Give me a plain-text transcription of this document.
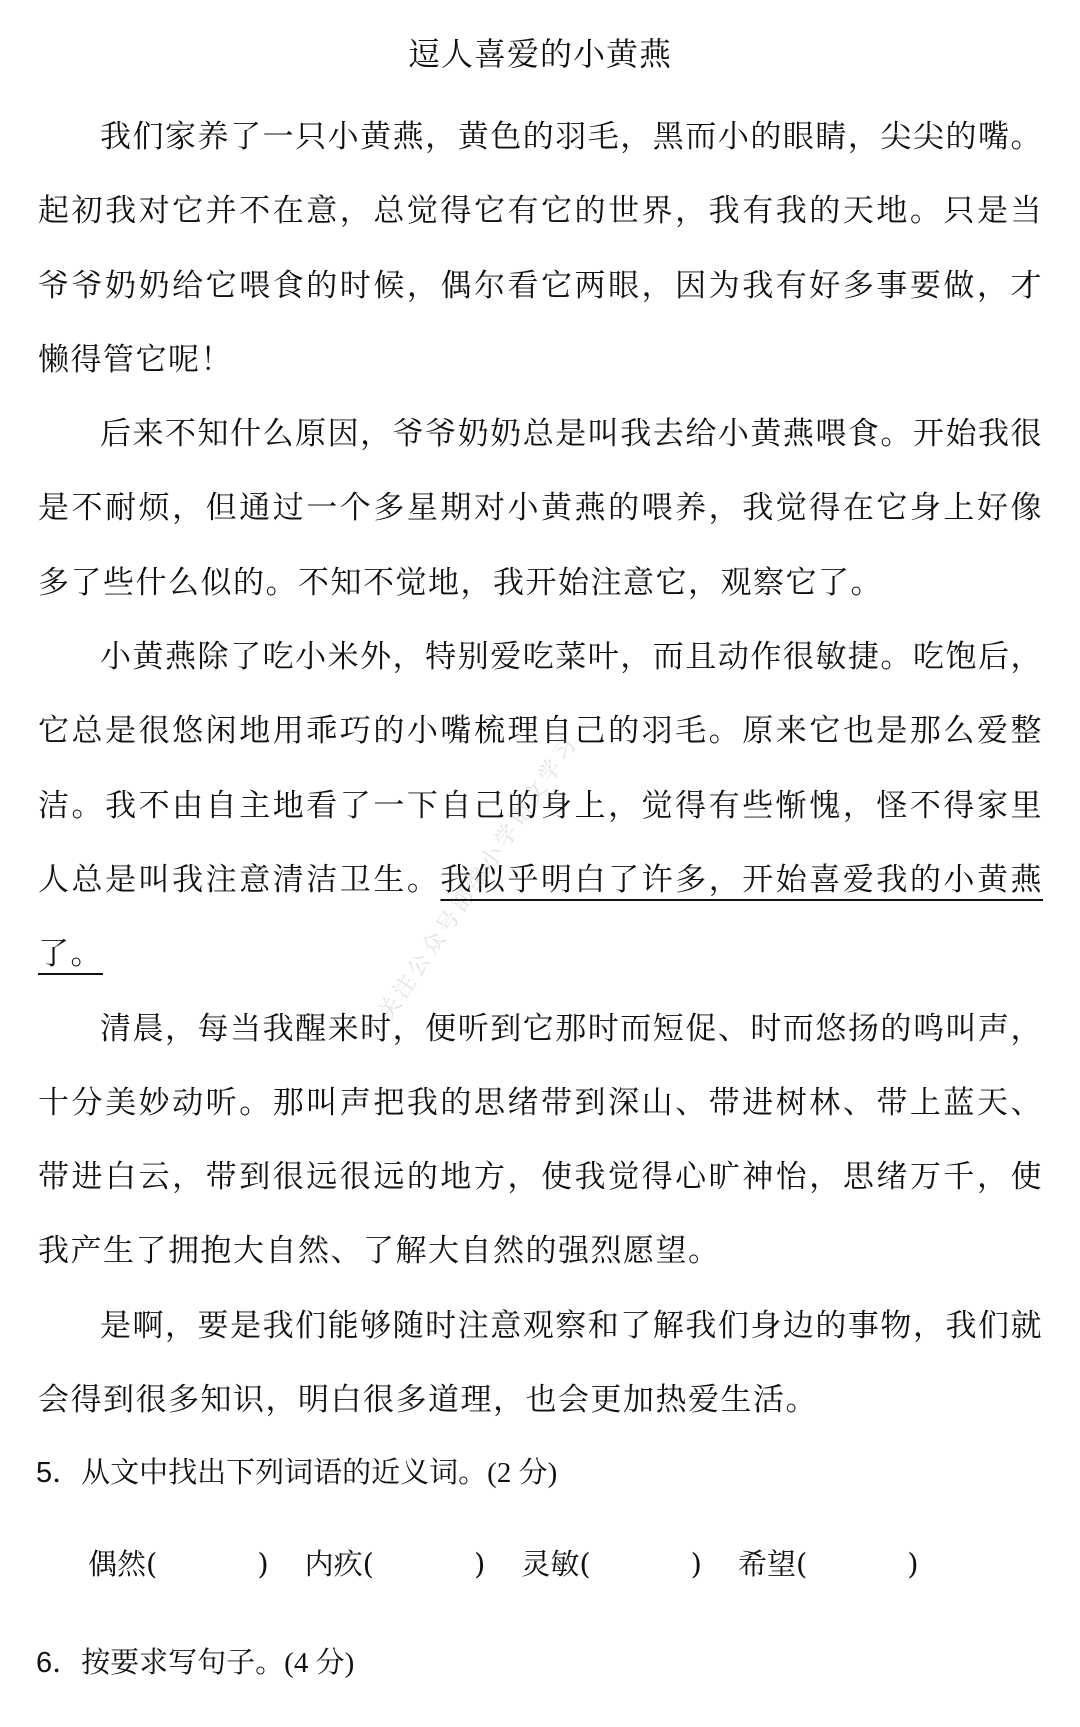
逗人喜爱的小黄燕

我们家养了一只小黄燕，黄色的羽毛，黑而小的眼睛，尖尖的嘴。起初我对它并不在意，总觉得它有它的世界，我有我的天地。只是当爷爷奶奶给它喂食的时候，偶尔看它两眼，因为我有好多事要做，才懒得管它呢！

后来不知什么原因，爷爷奶奶总是叫我去给小黄燕喂食。开始我很是不耐烦，但通过一个多星期对小黄燕的喂养，我觉得在它身上好像多了些什么似的。不知不觉地，我开始注意它，观察它了。

小黄燕除了吃小米外，特别爱吃菜叶，而且动作很敏捷。吃饱后，它总是很悠闲地用乖巧的小嘴梳理自己的羽毛。原来它也是那么爱整洁。我不由自主地看了一下自己的身上，觉得有些惭愧，怪不得家里人总是叫我注意清洁卫生。我似乎明白了许多，开始喜爱我的小黄燕了。

清晨，每当我醒来时，便听到它那时而短促、时而悠扬的鸣叫声，十分美妙动听。那叫声把我的思绪带到深山、带进树林、带上蓝天、带进白云，带到很远很远的地方，使我觉得心旷神怡，思绪万千，使我产生了拥抱大自然、了解大自然的强烈愿望。

是啊，要是我们能够随时注意观察和了解我们身边的事物，我们就会得到很多知识，明白很多道理，也会更加热爱生活。

5．从文中找出下列词语的近义词。(2 分)

偶然(	) 内疚(	) 灵敏(	) 希望(	)

6．按要求写句子。(4 分)

关注公众号部编小学语文学习
